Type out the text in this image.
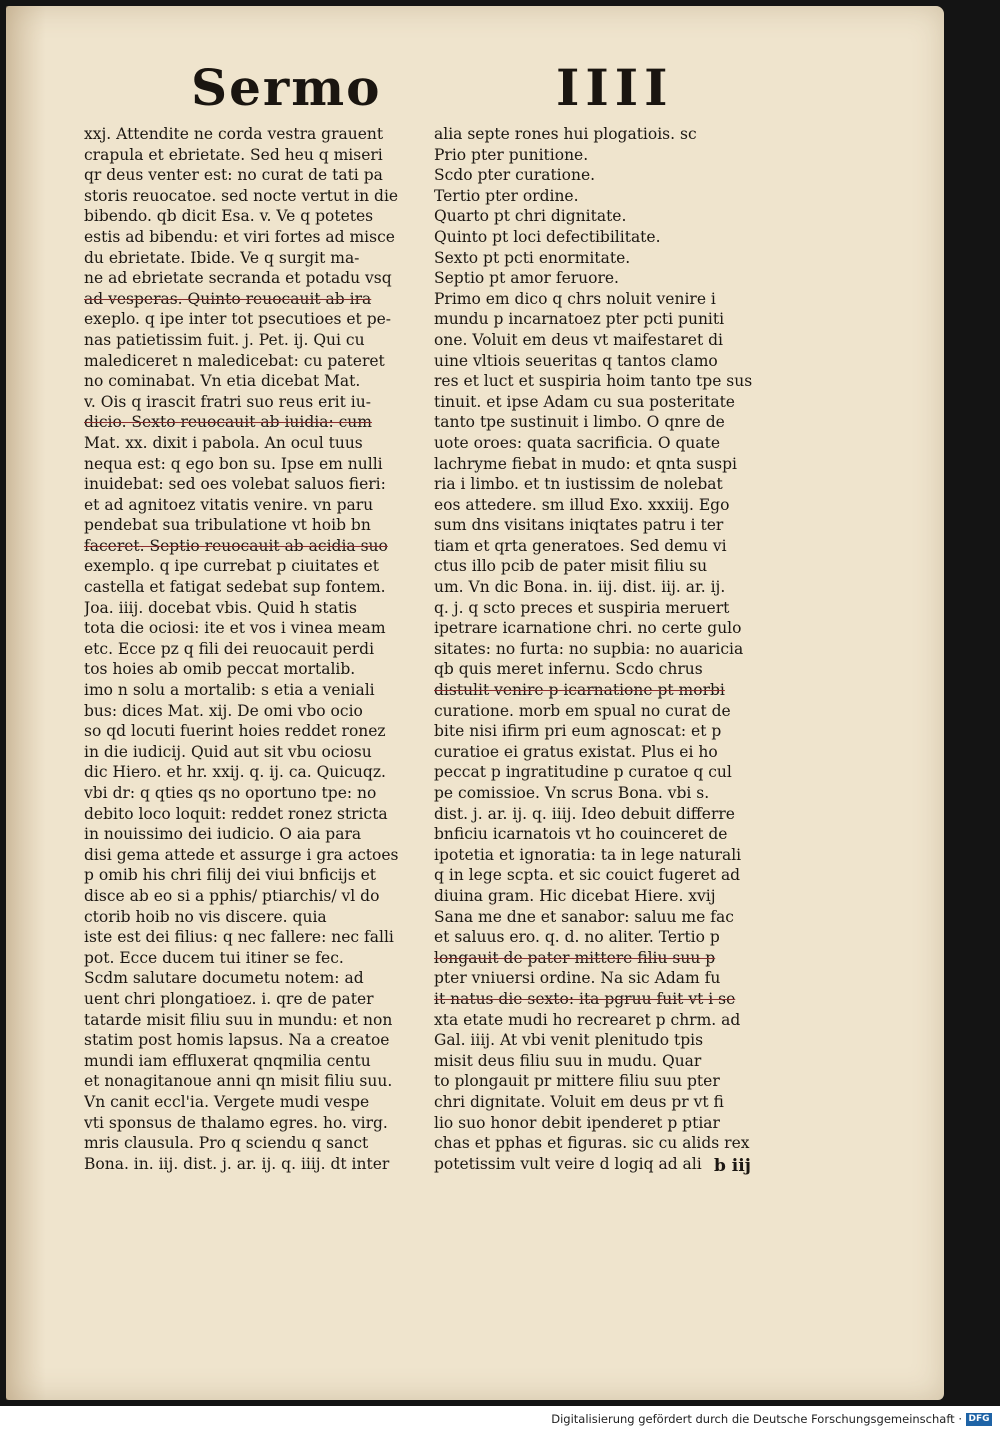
Sermo	IIII
xxj. Attendite ne corda vestra grauent
crapula et ebrietate. Sed heu q miseri
qr deus venter est: no curat de tati pa
storis reuocatoe. sed nocte vertut in die
bibendo. qb dicit Esa. v. Ve q potetes
estis ad bibendu: et viri fortes ad misce
du ebrietate. Ibide. Ve q surgit ma-
ne ad ebrietate secranda et potadu vsq
ad vesperas. Quinto reuocauit ab ira
exeplo. q ipe inter tot psecutioes et pe-
nas patietissim fuit. j. Pet. ij. Qui cu
malediceret n maledicebat: cu pateret
no cominabat. Vn etia dicebat Mat.
v. Ois q irascit fratri suo reus erit iu-
dicio. Sexto reuocauit ab iuidia: cum
Mat. xx. dixit i pabola. An ocul tuus
nequa est: q ego bon su. Ipse em nulli
inuidebat: sed oes volebat saluos fieri:
et ad agnitoez vitatis venire. vn paru
pendebat sua tribulatione vt hoib bn
faceret. Septio reuocauit ab acidia suo
exemplo. q ipe currebat p ciuitates et
castella et fatigat sedebat sup fontem.
Joa. iiij. docebat vbis. Quid h statis
tota die ociosi: ite et vos i vinea meam
etc. Ecce pz q fili dei reuocauit perdi
tos hoies ab omib peccat mortalib.
imo n solu a mortalib: s etia a veniali
bus: dices Mat. xij. De omi vbo ocio
so qd locuti fuerint hoies reddet ronez
in die iudicij. Quid aut sit vbu ociosu
dic Hiero. et hr. xxij. q. ij. ca. Quicuqz.
vbi dr: q qties qs no oportuno tpe: no
debito loco loquit: reddet ronez stricta
in nouissimo dei iudicio. O aia para
disi gema attede et assurge i gra actoes
p omib his chri filij dei viui bnficijs et
disce ab eo si a pphis/ ptiarchis/ vl do
ctorib hoib no vis discere. quia
iste est dei filius: q nec fallere: nec falli
pot. Ecce ducem tui itiner se fec.
Scdm salutare documetu notem: ad
uent chri plongatioez. i. qre de pater
tatarde misit filiu suu in mundu: et non
statim post homis lapsus. Na a creatoe
mundi iam effluxerat qnqmilia centu
et nonagitanoue anni qn misit filiu suu.
Vn canit eccl'ia. Vergete mudi vespe
vti sponsus de thalamo egres. ho. virg.
mris clausula. Pro q sciendu q sanct
Bona. in. iij. dist. j. ar. ij. q. iiij. dt inter
alia septe rones hui plogatiois. sc
Prio pter punitione.
Scdo pter curatione.
Tertio pter ordine.
Quarto pt chri dignitate.
Quinto pt loci defectibilitate.
Sexto pt pcti enormitate.
Septio pt amor feruore.
Primo em dico q chrs noluit venire i
mundu p incarnatoez pter pcti puniti
one. Voluit em deus vt maifestaret di
uine vltiois seueritas q tantos clamo
res et luct et suspiria hoim tanto tpe sus
tinuit. et ipse Adam cu sua posteritate
tanto tpe sustinuit i limbo. O qnre de
uote oroes: quata sacrificia. O quate
lachryme fiebat in mudo: et qnta suspi
ria i limbo. et tn iustissim de nolebat
eos attedere. sm illud Exo. xxxiij. Ego
sum dns visitans iniqtates patru i ter
tiam et qrta generatoes. Sed demu vi
ctus illo pcib de pater misit filiu su
um. Vn dic Bona. in. iij. dist. iij. ar. ij.
q. j. q scto preces et suspiria meruert
ipetrare icarnatione chri. no certe gulo
sitates: no furta: no supbia: no auaricia
qb quis meret infernu. Scdo chrus
distulit venire p icarnatione pt morbi
curatione. morb em spual no curat de
bite nisi ifirm pri eum agnoscat: et p
curatioe ei gratus existat. Plus ei ho
peccat p ingratitudine p curatoe q cul
pe comissioe. Vn scrus Bona. vbi s.
dist. j. ar. ij. q. iiij. Ideo debuit differre
bnficiu icarnatois vt ho couinceret de
ipotetia et ignoratia: ta in lege naturali
q in lege scpta. et sic couict fugeret ad
diuina gram. Hic dicebat Hiere. xvij
Sana me dne et sanabor: saluu me fac
et saluus ero. q. d. no aliter. Tertio p
longauit de pater mittere filiu suu p
pter vniuersi ordine. Na sic Adam fu
it natus die sexto: ita pgruu fuit vt i se
xta etate mudi ho recrearet p chrm. ad
Gal. iiij. At vbi venit plenitudo tpis
misit deus filiu suu in mudu. Quar
to plongauit pr mittere filiu suu pter
chri dignitate. Voluit em deus pr vt fi
lio suo honor debit ipenderet p ptiar
chas et pphas et figuras. sic cu alids rex
potetissim vult veire d logiq ad ali b iij
Digitalisierung gefördert durch die Deutsche Forschungsgemeinschaft · DFG
